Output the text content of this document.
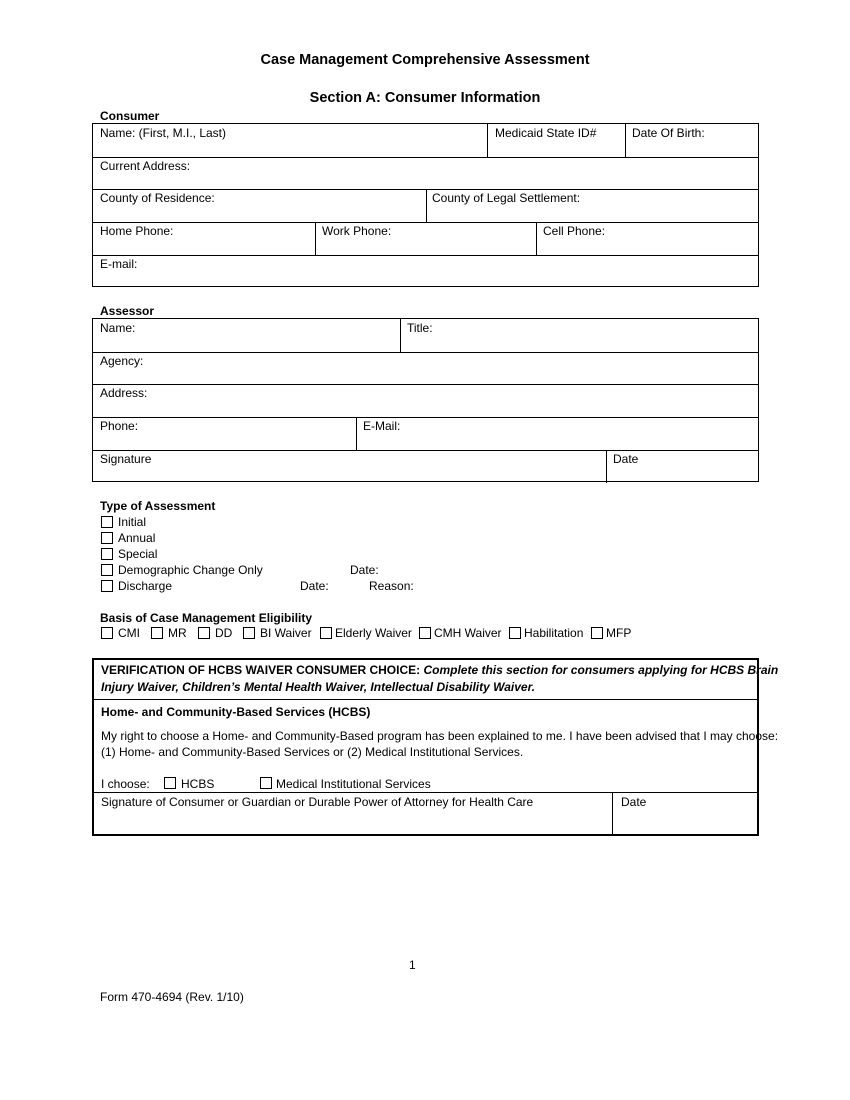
Case Management Comprehensive Assessment
Section A: Consumer Information
Consumer
Name: (First, M.I., Last)	Medicaid State ID#	Date Of Birth:
Current Address:
County of Residence:	County of Legal Settlement:
Home Phone:	Work Phone:	Cell Phone:
E-mail:
Assessor
Name:	Title:
Agency:
Address:
Phone:	E-Mail:
Signature	Date
Type of Assessment
Initial
Annual
Special
Demographic Change Only	Date:
Discharge	Date:	Reason:
Basis of Case Management Eligibility
CMI MR DD BI Waiver Elderly Waiver CMH Waiver Habilitation MFP
VERIFICATION OF HCBS WAIVER CONSUMER CHOICE: Complete this section for consumers applying for HCBS Brain
Injury Waiver, Children’s Mental Health Waiver, Intellectual Disability Waiver.
Home- and Community-Based Services (HCBS)
My right to choose a Home- and Community-Based program has been explained to me. I have been advised that I may choose:
(1) Home- and Community-Based Services or (2) Medical Institutional Services.
I choose:	HCBS	Medical Institutional Services
Signature of Consumer or Guardian or Durable Power of Attorney for Health Care	Date
1
Form 470-4694 (Rev. 1/10)
